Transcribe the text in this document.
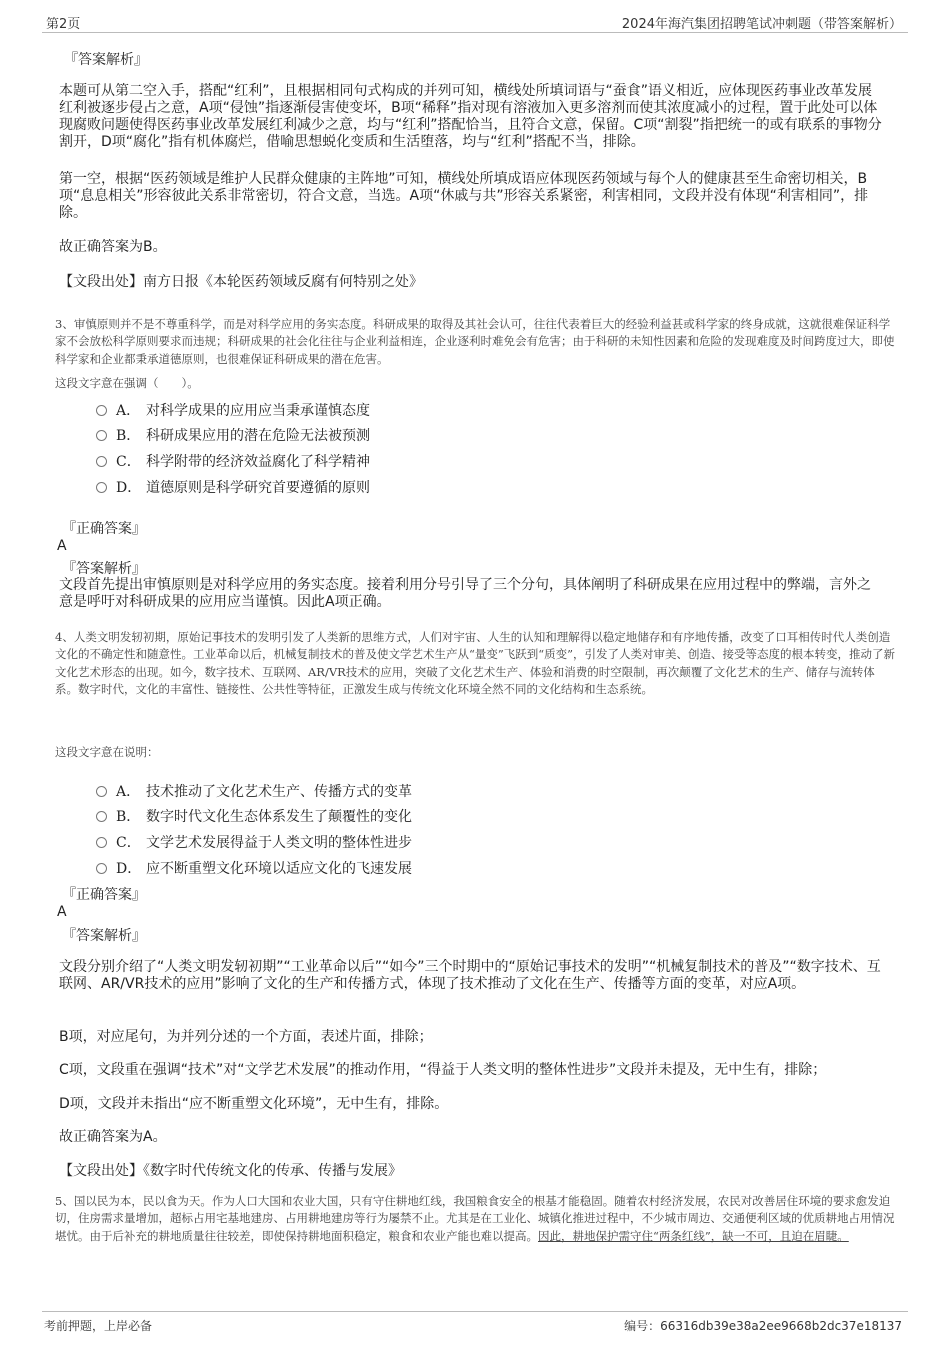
第2页	2024年海汽集团招聘笔试冲刺题（带答案解析）

『答案解析』

本题可从第二空入手，搭配“红利”，且根据相同句式构成的并列可知，横线处所填词语与“蚕食”语义相近，应体现医药事业改革发展红利被逐步侵占之意，A项“侵蚀”指逐渐侵害使变坏，B项“稀释”指对现有溶液加入更多溶剂而使其浓度减小的过程，置于此处可以体现腐败问题使得医药事业改革发展红利减少之意，均与“红利”搭配恰当，且符合文意，保留。C项“割裂”指把统一的或有联系的事物分割开，D项“腐化”指有机体腐烂，借喻思想蜕化变质和生活堕落，均与“红利”搭配不当，排除。

第一空，根据“医药领域是维护人民群众健康的主阵地”可知，横线处所填成语应体现医药领域与每个人的健康甚至生命密切相关，B项“息息相关”形容彼此关系非常密切，符合文意，当选。A项“休戚与共”形容关系紧密，利害相同，文段并没有体现“利害相同”，排除。

故正确答案为B。

【文段出处】南方日报《本轮医药领域反腐有何特别之处》

3、审慎原则并不是不尊重科学，而是对科学应用的务实态度。科研成果的取得及其社会认可，往往代表着巨大的经验利益甚或科学家的终身成就，这就很难保证科学家不会放松科学原则要求而违规；科研成果的社会化往往与企业利益相连，企业逐利时难免会有危害；由于科研的未知性因素和危险的发现难度及时间跨度过大，即使科学家和企业都秉承道德原则，也很难保证科研成果的潜在危害。

这段文字意在强调（　　）。

A． 对科学成果的应用应当秉承谨慎态度
B． 科研成果应用的潜在危险无法被预测
C． 科学附带的经济效益腐化了科学精神
D． 道德原则是科学研究首要遵循的原则

『正确答案』

A

『答案解析』

文段首先提出审慎原则是对科学应用的务实态度。接着利用分号引导了三个分句，具体阐明了科研成果在应用过程中的弊端，言外之意是呼吁对科研成果的应用应当谨慎。因此A项正确。

4、人类文明发轫初期，原始记事技术的发明引发了人类新的思维方式，人们对宇宙、人生的认知和理解得以稳定地储存和有序地传播，改变了口耳相传时代人类创造文化的不确定性和随意性。工业革命以后，机械复制技术的普及使文学艺术生产从“量变”飞跃到“质变”，引发了人类对审美、创造、接受等态度的根本转变，推动了新文化艺术形态的出现。如今，数字技术、互联网、AR/VR技术的应用，突破了文化艺术生产、体验和消费的时空限制，再次颠覆了文化艺术的生产、储存与流转体系。数字时代，文化的丰富性、链接性、公共性等特征，正激发生成与传统文化环境全然不同的文化结构和生态系统。

这段文字意在说明：

A． 技术推动了文化艺术生产、传播方式的变革
B． 数字时代文化生态体系发生了颠覆性的变化
C． 文学艺术发展得益于人类文明的整体性进步
D． 应不断重塑文化环境以适应文化的飞速发展

『正确答案』

A

『答案解析』

文段分别介绍了“人类文明发轫初期”“工业革命以后”“如今”三个时期中的“原始记事技术的发明”“机械复制技术的普及”“数字技术、互联网、AR/VR技术的应用”影响了文化的生产和传播方式，体现了技术推动了文化在生产、传播等方面的变革，对应A项。

B项，对应尾句，为并列分述的一个方面，表述片面，排除；

C项，文段重在强调“技术”对“文学艺术发展”的推动作用，“得益于人类文明的整体性进步”文段并未提及，无中生有，排除；

D项，文段并未指出“应不断重塑文化环境”，无中生有，排除。

故正确答案为A。

【文段出处】《数字时代传统文化的传承、传播与发展》

5、国以民为本，民以食为天。作为人口大国和农业大国，只有守住耕地红线，我国粮食安全的根基才能稳固。随着农村经济发展，农民对改善居住环境的要求愈发迫切，住房需求量增加，超标占用宅基地建房、占用耕地建房等行为屡禁不止。尤其是在工业化、城镇化推进过程中，不少城市周边、交通便利区域的优质耕地占用情况堪忧。由于后补充的耕地质量往往较差，即使保持耕地面积稳定，粮食和农业产能也难以提高。因此，耕地保护需守住“两条红线”，缺一不可，且迫在眉睫。

考前押题，上岸必备	编号：66316db39e38a2ee9668b2dc37e18137
